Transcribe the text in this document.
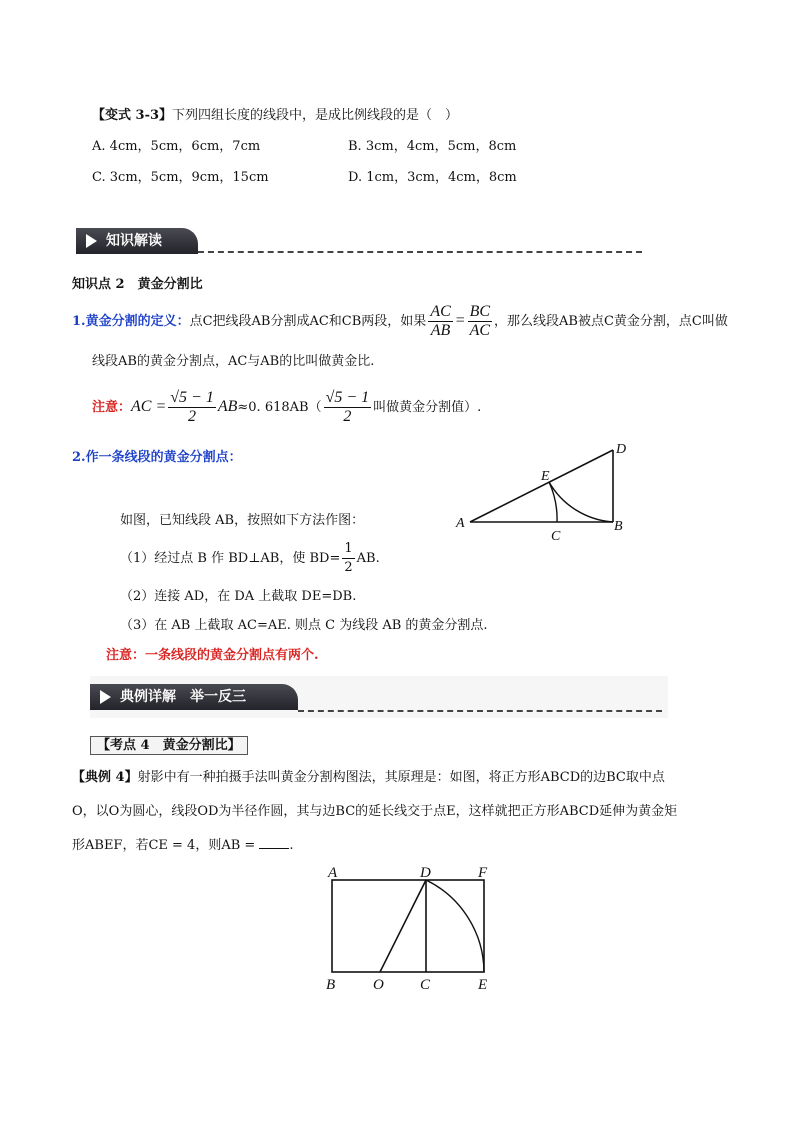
【变式 3-3】下列四组长度的线段中，是成比例线段的是（　）
A. 4cm，5cm，6cm，7cm	B. 3cm，4cm，5cm，8cm
C. 3cm，5cm，9cm，15cm	D. 1cm，3cm，4cm，8cm
知识解读
知识点 2　黄金分割比
1.黄金分割的定义：点C把线段AB分割成AC和CB两段，如果 $\frac{AC}{AB} = \frac{BC}{AC}$ ，那么线段AB被点C黄金分割，点C叫做
线段AB的黄金分割点，AC与AB的比叫做黄金比.
注意：AC = $\frac{√5 - 1}{2} AB\approx 0$. $618AB( \frac{√5 - 1}{2}$ 叫做黄金分割值）.
2.作一条线段的黄金分割点：
A	B
C
D
E
如图，已知线段 AB，按照如下方法作图：
（1）经过点 B 作 BD⊥AB，使 $BD= \frac{1}{2}$ AB.
（2）连接 AD，在 DA 上截取 DE=DB.
（3）在 AB 上截取 AC=AE. 则点 C 为线段 AB 的黄金分割点.
注意：一条线段的黄金分割点有两个.
典例详解　举一反三
【考点 4　黄金分割比】
【典例 4】射影中有一种拍摄手法叫黄金分割构图法，其原理是：如图，将正方形ABCD的边BC取中点
O，以O为圆心，线段OD为半径作圆，其与边BC的延长线交于点E，这样就把正方形ABCD延伸为黄金矩
形ABEF，若CE = 4，则AB = .
A	D	F
B	O C	E
